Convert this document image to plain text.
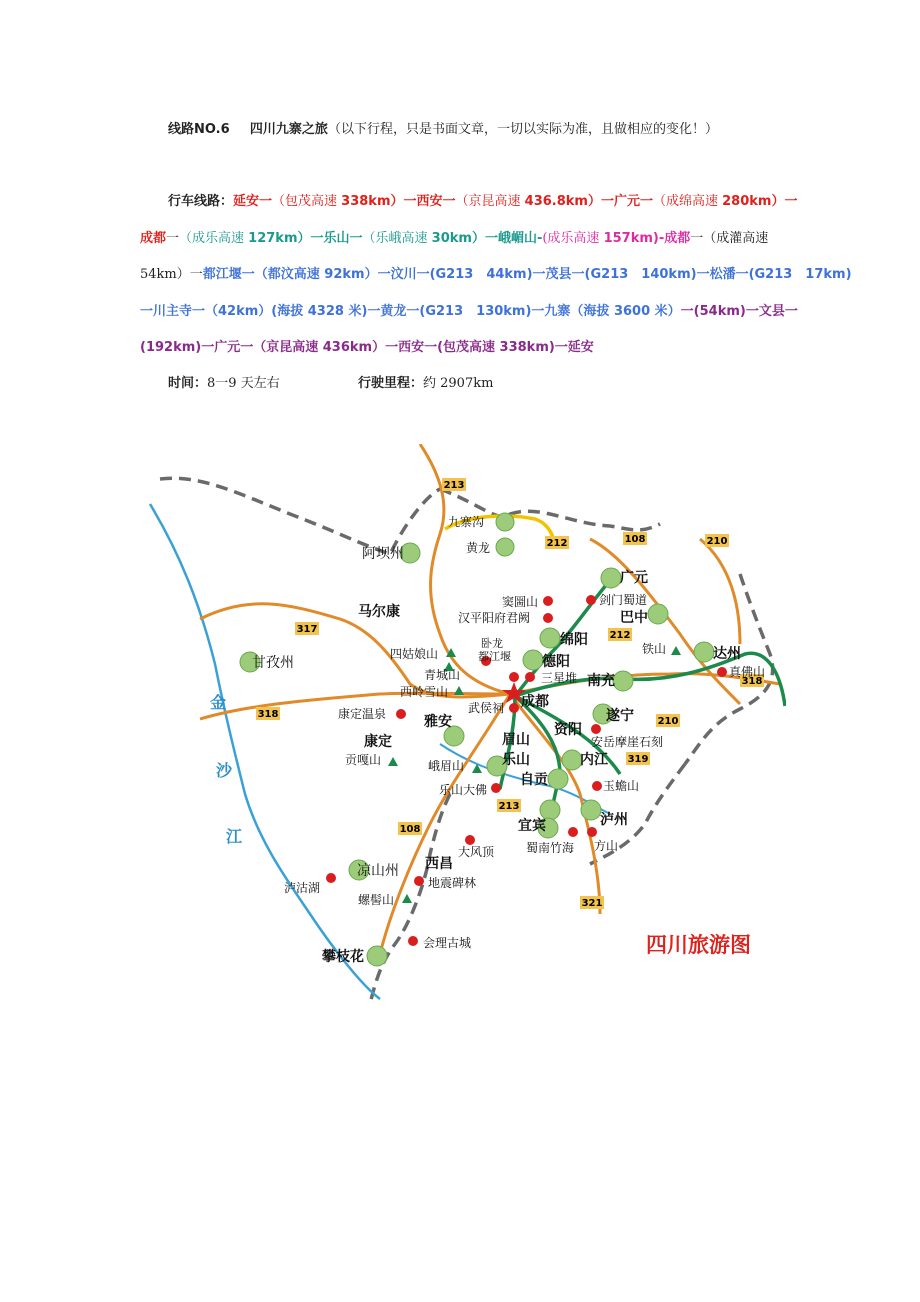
线路NO.6 四川九寨之旅（以下行程，只是书面文章，一切以实际为准，且做相应的变化！）
行车线路：延安一（包茂高速 338km）一西安一（京昆高速 436.8km）一广元一（成绵高速 280km）一
成都一（成乐高速 127km）一乐山一（乐峨高速 30km）一峨嵋山-(成乐高速 157km)-成都一（成灌高速
54km）一都江堰一（都汶高速 92km）一汶川一(G213　44km)一茂县一(G213　140km)一松潘一(G213　17km)
一川主寺一（42km）(海拔 4328 米)一黄龙一(G213　130km)一九寨（海拔 3600 米）一(54km)一文县一
(192km)一广元一（京昆高速 436km）一西安一(包茂高速 338km)一延安
时间：8一9 天左右	行驶里程：约 2907km
213
212	108	210
317
212
318
318
210
319
213
108
321
金
沙
江
九寨沟
黄龙
阿坝州
广元
窦圌山	剑门蜀道
汉平阳府君阙	巴中
马尔康
绵阳
卧龙
都江堰
四姑娘山	德阳
铁山	达州
甘孜州
青城山	三星堆 南充
真佛山
西岭雪山
成都
武侯祠
康定温泉	雅安	遂宁
资阳
安岳摩崖石刻
康定	眉山
贡嘎山	峨眉山	乐山	内江
自贡	玉蟾山
乐山大佛
宜宾	泸州
大风顶	蜀南竹海 方山
凉山州 西昌
泸沽湖	地震碑林
螺髻山
会理古城
攀枝花	四川旅游图
